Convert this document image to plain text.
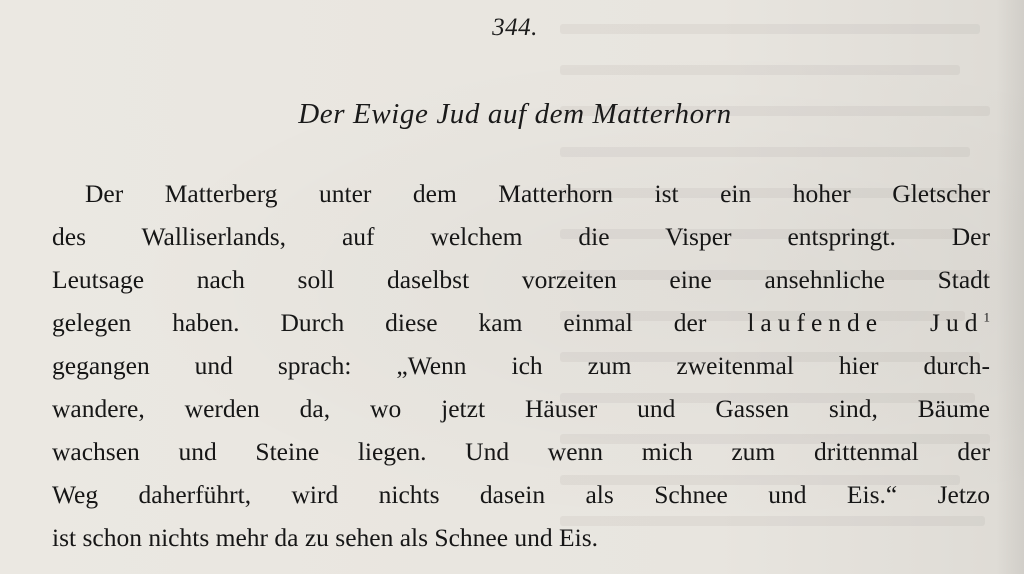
344.
Der Ewige Jud auf dem Matterhorn
Der Matterberg unter dem Matterhorn ist ein hoher Gletscher
des Walliserlands, auf welchem die Visper entspringt. Der
Leutsage nach soll daselbst vorzeiten eine ansehnliche Stadt
gelegen haben. Durch diese kam einmal der laufende Jud$^1$
gegangen und sprach: „Wenn ich zum zweitenmal hier durch-
wandere, werden da, wo jetzt Häuser und Gassen sind, Bäume
wachsen und Steine liegen. Und wenn mich zum drittenmal der
Weg daherführt, wird nichts dasein als Schnee und Eis.“ Jetzo
ist schon nichts mehr da zu sehen als Schnee und Eis.
